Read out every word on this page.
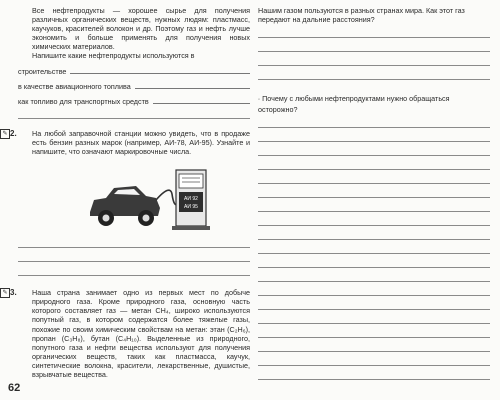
Все нефтепродукты — хорошее сырье для получения различных органических веществ, нужных людям: пластмасс, каучуков, красителей волокон и др. Поэтому газ и нефть лучше экономить и больше применять для получения новых химических материалов.
Напишите какие нефтепродукты используются в
строительстве
в качестве авиационного топлива
как топливо для транспортных средств
✎ 2.	На любой заправочной станции можно увидеть, что в продаже есть бензин разных марок (например, АИ-78, АИ-95). Узнайте и напишите, что означают маркировочные числа.
АИ 92
АИ 95
✎ 3.	Наша страна занимает одно из первых мест по добыче природного газа. Кроме природного газа, основную часть которого составляет газ — метан CH₄, широко используются попутный газ, в котором содержатся более тяжелые газы, похожие по своим химическим свойствам на метан: этан (C₂H₆), пропан (C₃H₈), бутан (C₄H₁₀). Выделенные из природного, попутного газа и нефти вещества используют для получения органических веществ, таких как пластмасса, каучук, синтетические волокна, красители, лекарственные, душистые, взрывчатые вещества.
Нашим газом пользуются в разных странах мира. Как этот газ передают на дальние расстояния?
◦ Почему с любыми нефтепродуктами нужно обращаться осторожно?
62
